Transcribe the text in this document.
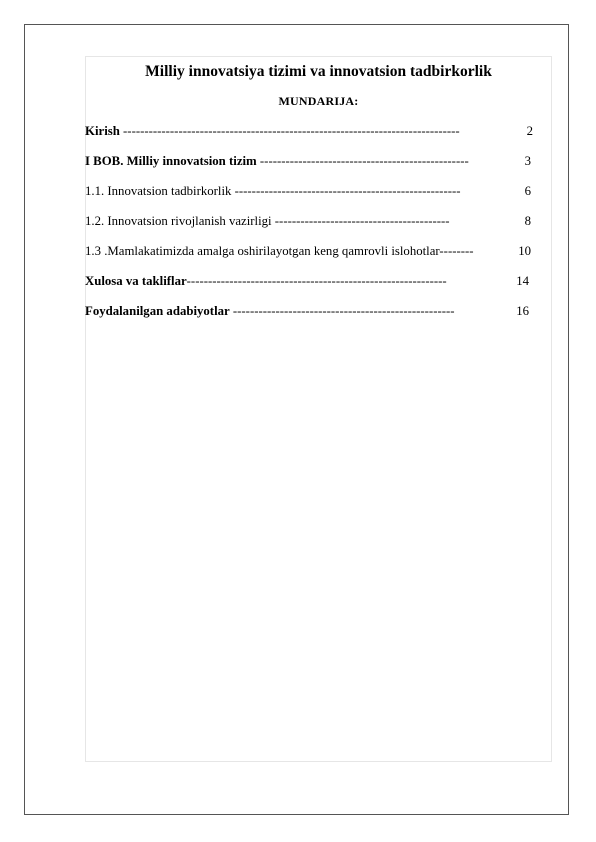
Milliy innovatsiya tizimi va innovatsion tadbirkorlik
MUNDARIJA:
Kirish -------------------------------------------------------------------------------	2
I BOB. Milliy innovatsion tizim -------------------------------------------------	3
1.1. Innovatsion tadbirkorlik -----------------------------------------------------	6
1.2. Innovatsion rivojlanish vazirligi -----------------------------------------	8
1.3 .Mamlakatimizda amalga oshirilayotgan keng qamrovli islohotlar--------	10
Xulosa va takliflar-------------------------------------------------------------	14
Foydalanilgan adabiyotlar ----------------------------------------------------	16
